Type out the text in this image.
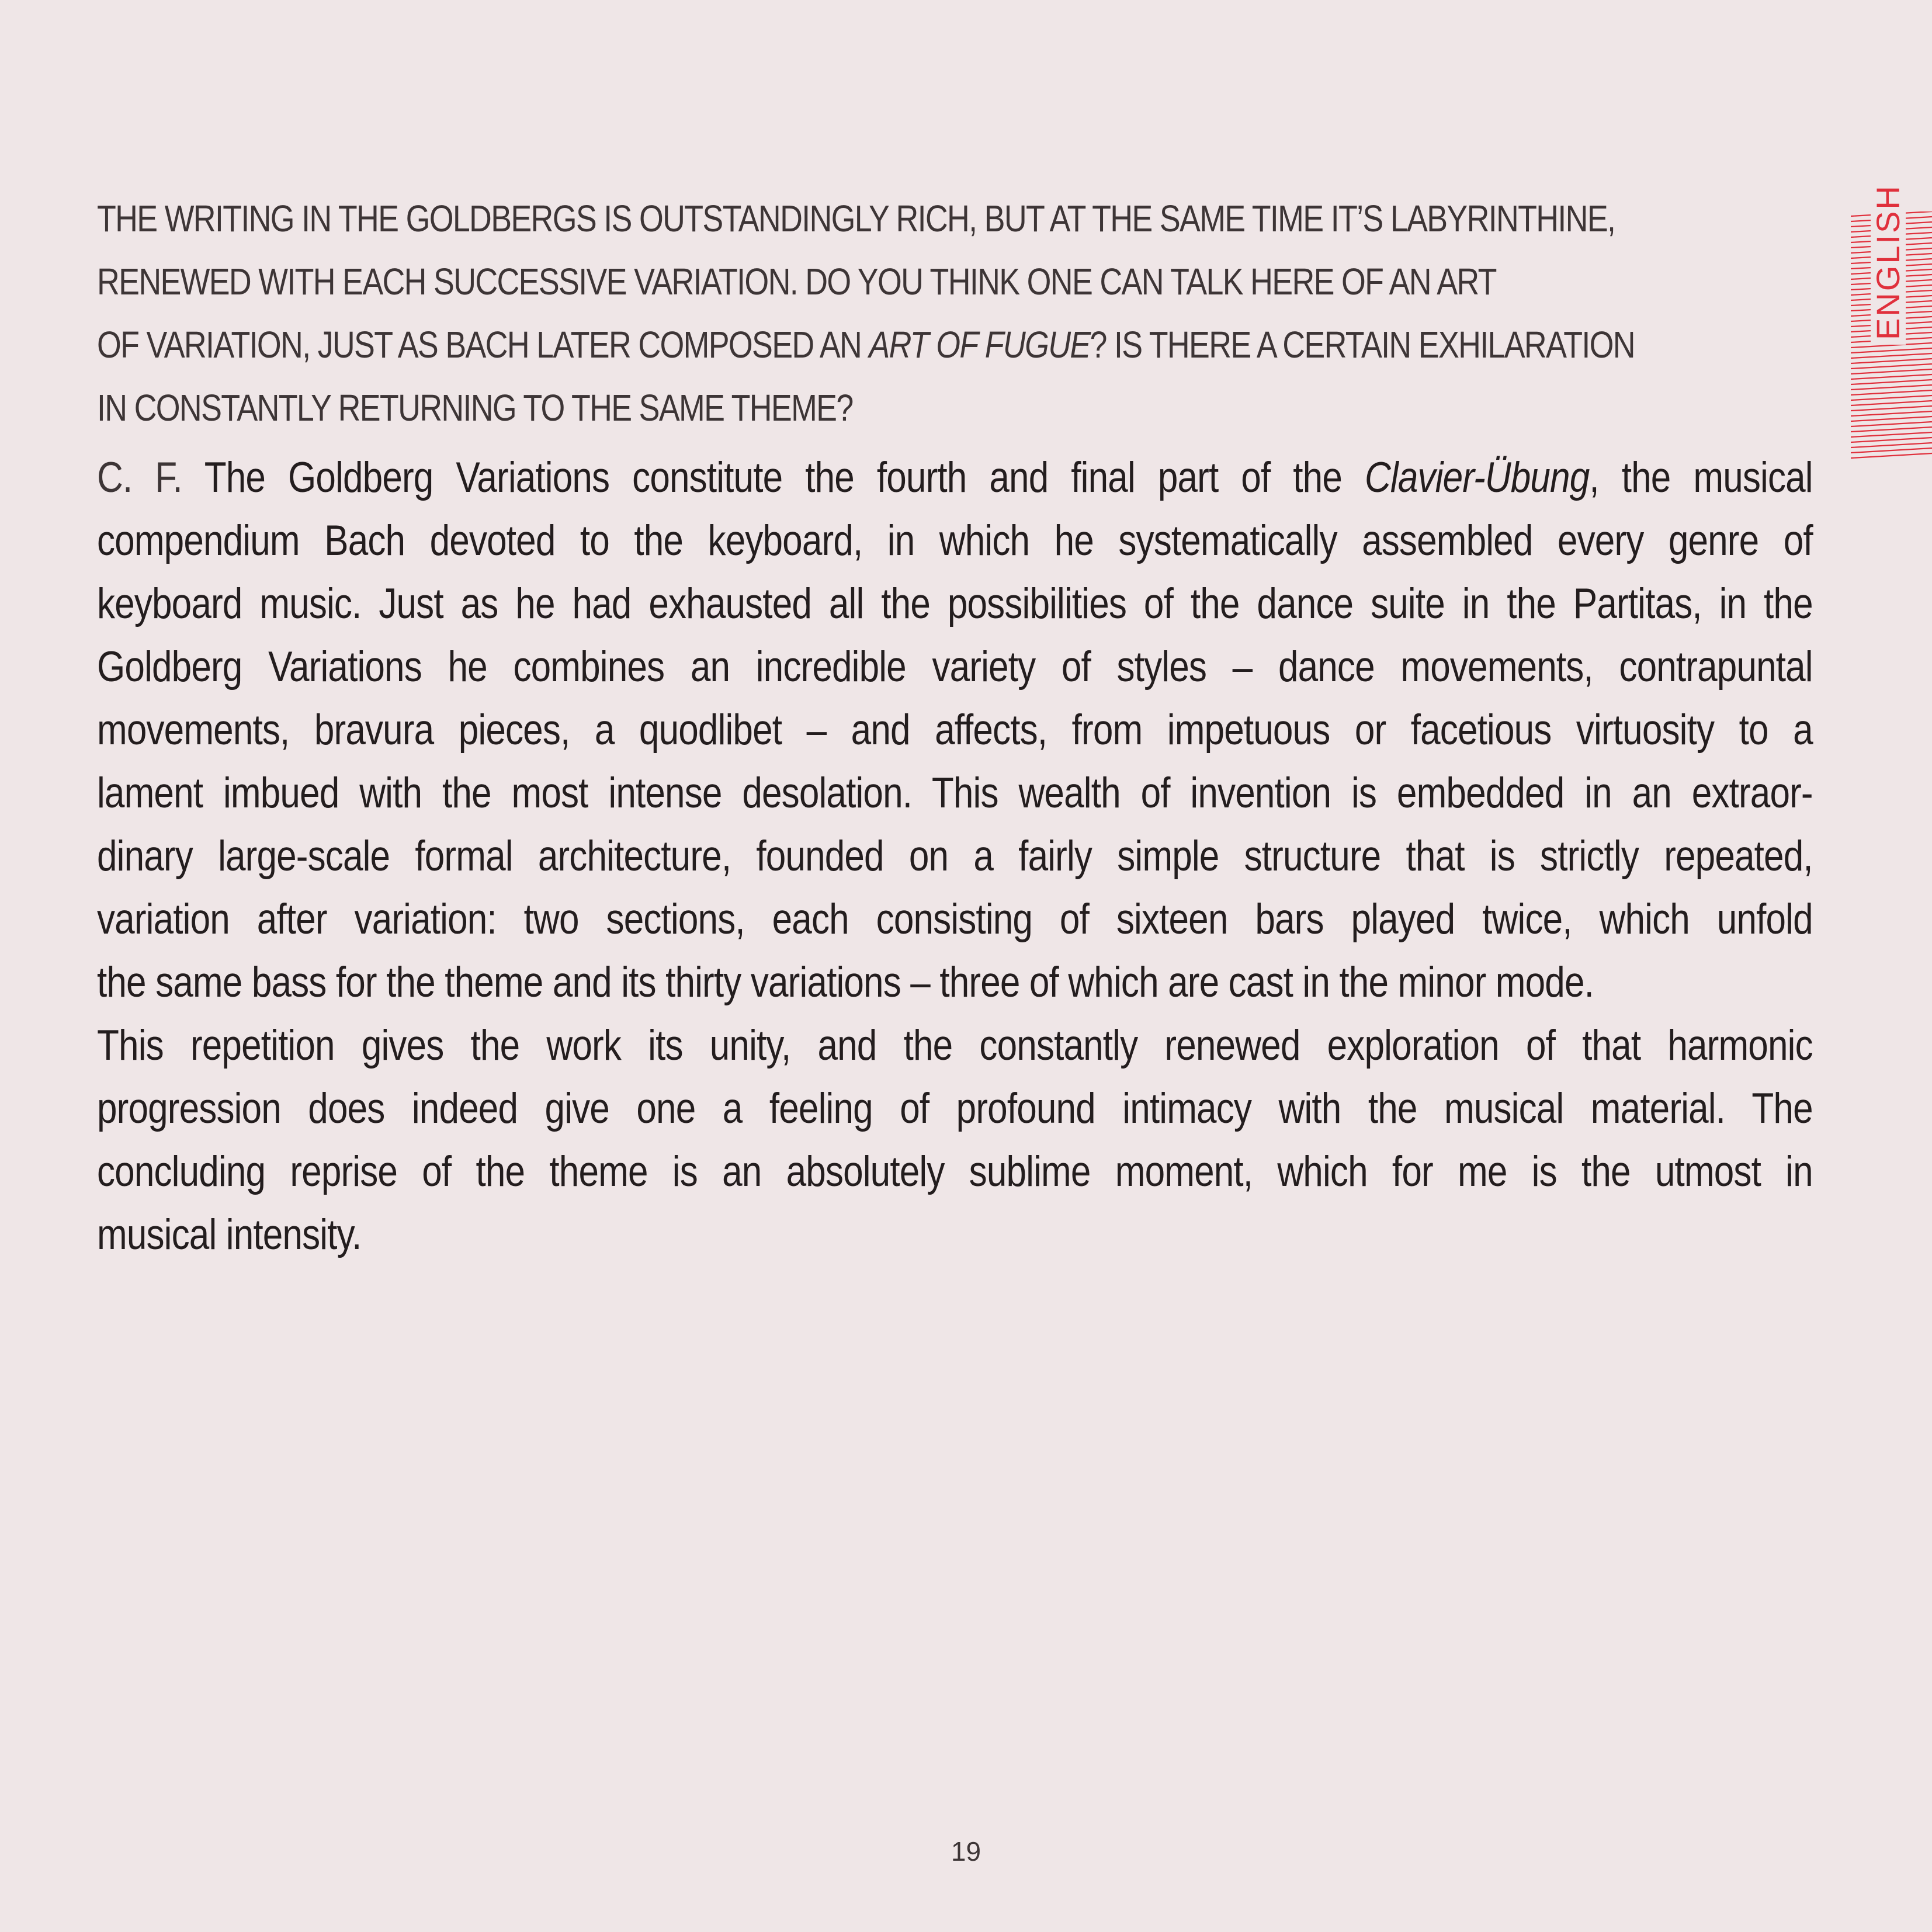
ENGLISH

THE WRITING IN THE GOLDBERGS IS OUTSTANDINGLY RICH, BUT AT THE SAME TIME IT’S LABYRINTHINE,
RENEWED WITH EACH SUCCESSIVE VARIATION. DO YOU THINK ONE CAN TALK HERE OF AN ART
OF VARIATION, JUST AS BACH LATER COMPOSED AN ART OF FUGUE? IS THERE A CERTAIN EXHILARATION
IN CONSTANTLY RETURNING TO THE SAME THEME?

C. F. The Goldberg Variations constitute the fourth and final part of the Clavier-Übung, the musical
compendium Bach devoted to the keyboard, in which he systematically assembled every genre of
keyboard music. Just as he had exhausted all the possibilities of the dance suite in the Partitas, in the
Goldberg Variations he combines an incredible variety of styles – dance movements, contrapuntal
movements, bravura pieces, a quodlibet – and affects, from impetuous or facetious virtuosity to a
lament imbued with the most intense desolation. This wealth of invention is embedded in an extraor-
dinary large-scale formal architecture, founded on a fairly simple structure that is strictly repeated,
variation after variation: two sections, each consisting of sixteen bars played twice, which unfold
the same bass for the theme and its thirty variations – three of which are cast in the minor mode.
This repetition gives the work its unity, and the constantly renewed exploration of that harmonic
progression does indeed give one a feeling of profound intimacy with the musical material. The
concluding reprise of the theme is an absolutely sublime moment, which for me is the utmost in
musical intensity.

19
